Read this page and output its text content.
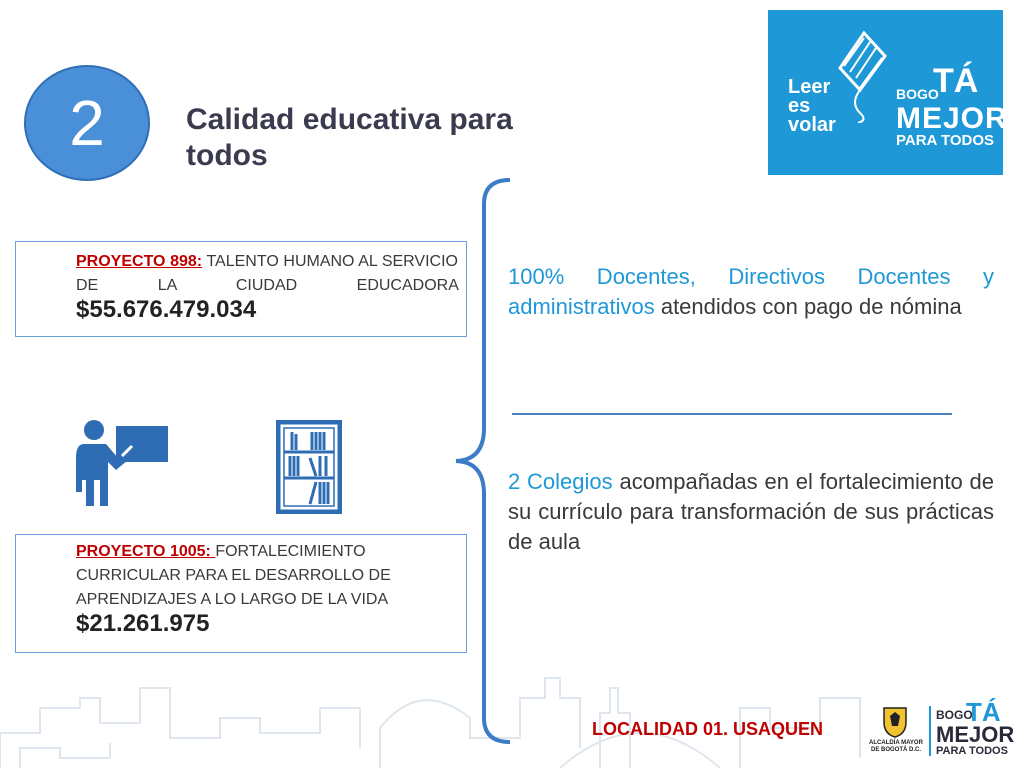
2	Calidad educativa para todos
Leer
es
volar
BOGO
TÁ
MEJOR
PARA TODOS
PROYECTO 898: TALENTO HUMANO AL SERVICIO DE LA CIUDAD EDUCADORA $55.676.479.034
PROYECTO 1005: FORTALECIMIENTO CURRICULAR PARA EL DESARROLLO DE APRENDIZAJES A LO LARGO DE LA VIDA $21.261.975
100% Docentes, Directivos Docentes y administrativos atendidos con pago de nómina
2 Colegios acompañadas en el fortalecimiento de su currículo para transformación de sus prácticas de aula
LOCALIDAD 01. USAQUEN
ALCALDÍA MAYOR DE BOGOTÁ D.C.
BOGO
TÁ
MEJOR
PARA TODOS
